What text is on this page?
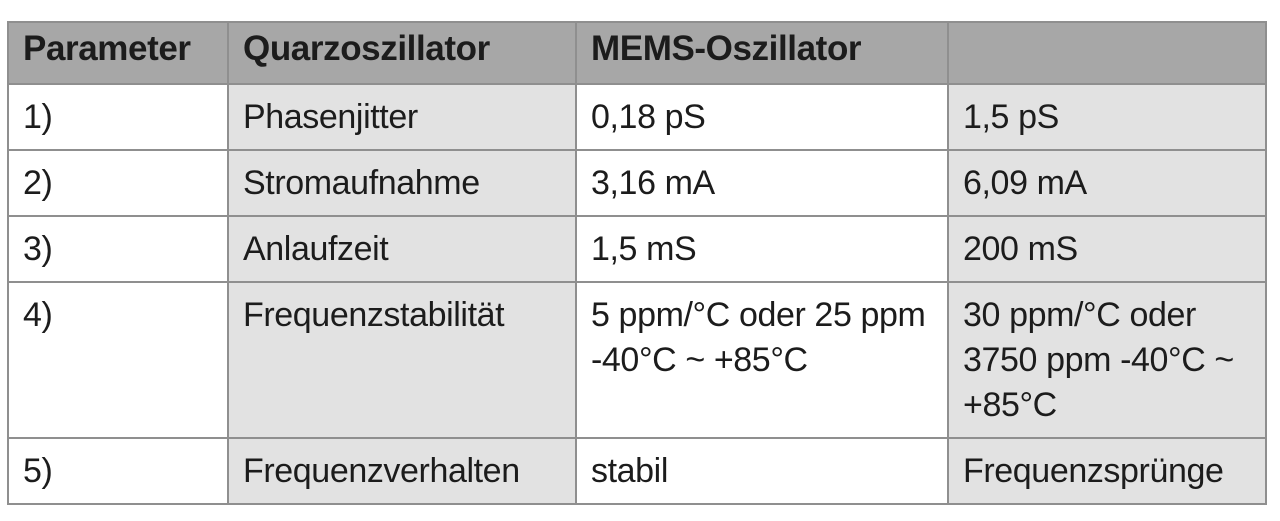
Parameter	Quarzoszillator	MEMS-Oszillator	
1)	Phasenjitter	0,18 pS	1,5 pS
2)	Stromaufnahme	3,16 mA	6,09 mA
3)	Anlaufzeit	1,5 mS	200 mS
4)	Frequenzstabilität	5 ppm/°C oder 25 ppm -40°C ~ +85°C	30 ppm/°C oder 3750 ppm -40°C ~ +85°C
5)	Frequenzverhalten	stabil	Frequenzsprünge
